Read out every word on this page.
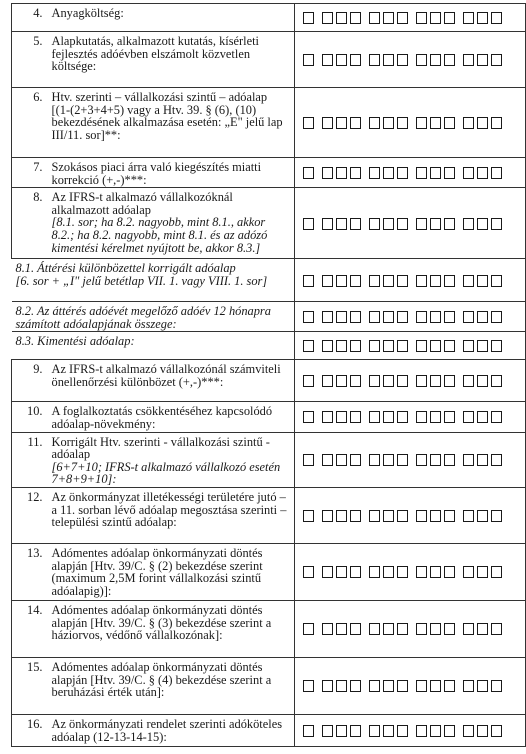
4.	Anyagköltség:	

5.	Alapkutatás, alkalmazott kutatás, kísérleti fejlesztés adóévben elszámolt közvetlen költsége:	

6.	Htv. szerinti – vállalkozási szintű – adóalap
[(1-(2+3+4+5) vagy a Htv. 39. § (6), (10) bekezdésének alkalmazása esetén: „E" jelű lap III/11. sor]**:	

7.	Szokásos piaci árra való kiegészítés miatti korrekció (+,-)***:	

8.	Az IFRS-t alkalmazó vállalkozóknál alkalmazott adóalap
[8.1. sor; ha 8.2. nagyobb, mint 8.1., akkor 8.2.; ha 8.2. nagyobb, mint 8.1. és az adózó kimentési kérelmet nyújtott be, akkor 8.3.]	

8.1. Áttérési különbözettel korrigált adóalap
[6. sor + „I" jelű betétlap VII. 1. vagy VIII. 1. sor]		

8.2. Az áttérés adóévét megelőző adóév 12 hónapra számított adóalapjának összege:		

8.3. Kimentési adóalap:		

9.	Az IFRS-t alkalmazó vállalkozónál számviteli önellenőrzési különbözet (+,-)***:	

10.	A foglalkoztatás csökkentéséhez kapcsolódó adóalap-növekmény:	

11.	Korrigált Htv. szerinti - vállalkozási szintű - adóalap
[6+7+10; IFRS-t alkalmazó vállalkozó esetén 7+8+9+10]:	

12.	Az önkormányzat illetékességi területére jutó – a 11. sorban lévő adóalap megosztása szerinti – települési szintű adóalap:	

13.	Adómentes adóalap önkormányzati döntés alapján [Htv. 39/C. § (2) bekezdése szerint (maximum 2,5M forint vállalkozási szintű adóalapig)]:	

14.	Adómentes adóalap önkormányzati döntés alapján [Htv. 39/C. § (3) bekezdése szerint a háziorvos, védőnő vállalkozónak]:	

15.	Adómentes adóalap önkormányzati döntés alapján [Htv. 39/C. § (4) bekezdése szerint a beruházási érték után]:	

16.	Az önkormányzati rendelet szerinti adóköteles adóalap (12-13-14-15):	
